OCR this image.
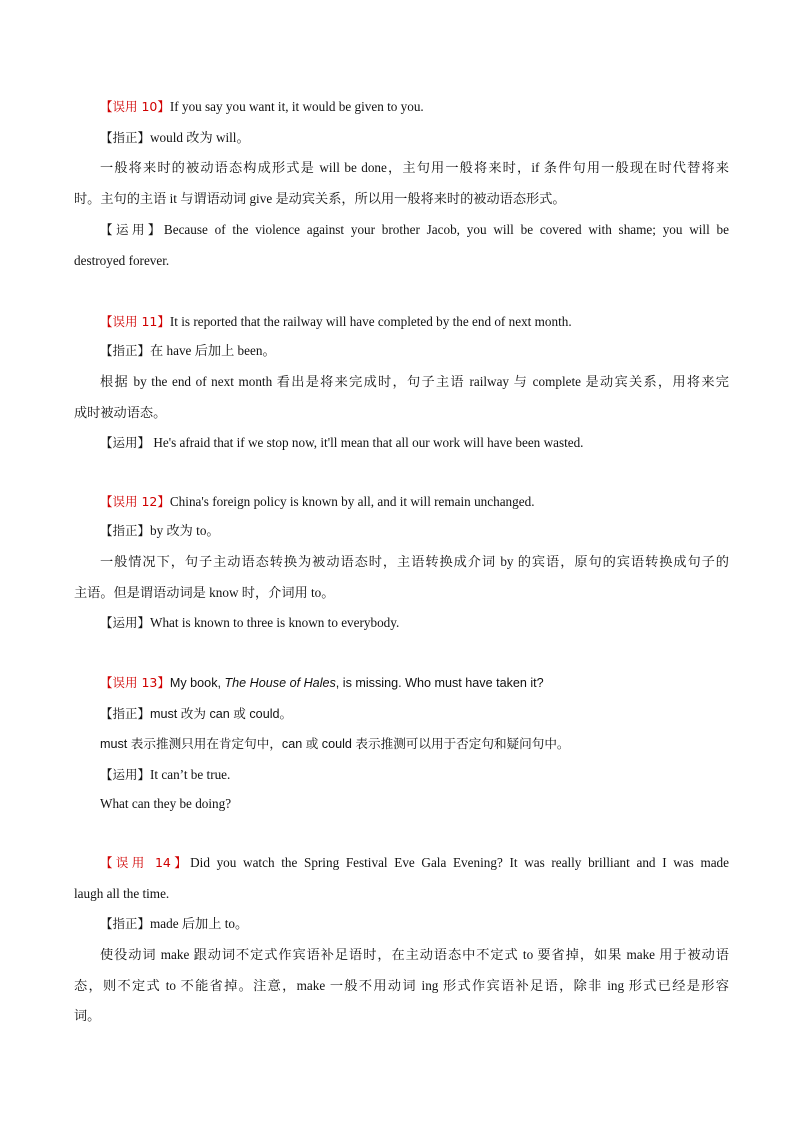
【误用 10】If you say you want it, it would be given to you.
【指正】would 改为 will。
一般将来时的被动语态构成形式是 will be done，主句用一般将来时，if 条件句用一般现在时代替将来
时。主句的主语 it 与谓语动词 give 是动宾关系，所以用一般将来时的被动语态形式。
【运用】Because of the violence against your brother Jacob, you will be covered with shame; you will be
destroyed forever.
【误用 11】It is reported that the railway will have completed by the end of next month.
【指正】在 have 后加上 been。
根据 by the end of next month 看出是将来完成时，句子主语 railway 与 complete 是动宾关系，用将来完
成时被动语态。
【运用】 He's afraid that if we stop now, it'll mean that all our work will have been wasted.
【误用 12】China's foreign policy is known by all, and it will remain unchanged.
【指正】by 改为 to。
一般情况下，句子主动语态转换为被动语态时，主语转换成介词 by 的宾语，原句的宾语转换成句子的
主语。但是谓语动词是 know 时，介词用 to。
【运用】What is known to three is known to everybody.
【误用 13】My book, The House of Hales, is missing. Who must have taken it?
【指正】must 改为 can 或 could。
must 表示推测只用在肯定句中，can 或 could 表示推测可以用于否定句和疑问句中。
【运用】It can’t be true.
What can they be doing?
【误用 14】Did you watch the Spring Festival Eve Gala Evening? It was really brilliant and I was made
laugh all the time.
【指正】made 后加上 to。
使役动词 make 跟动词不定式作宾语补足语时，在主动语态中不定式 to 要省掉，如果 make 用于被动语
态，则不定式 to 不能省掉。注意，make 一般不用动词 ing 形式作宾语补足语，除非 ing 形式已经是形容
词。
